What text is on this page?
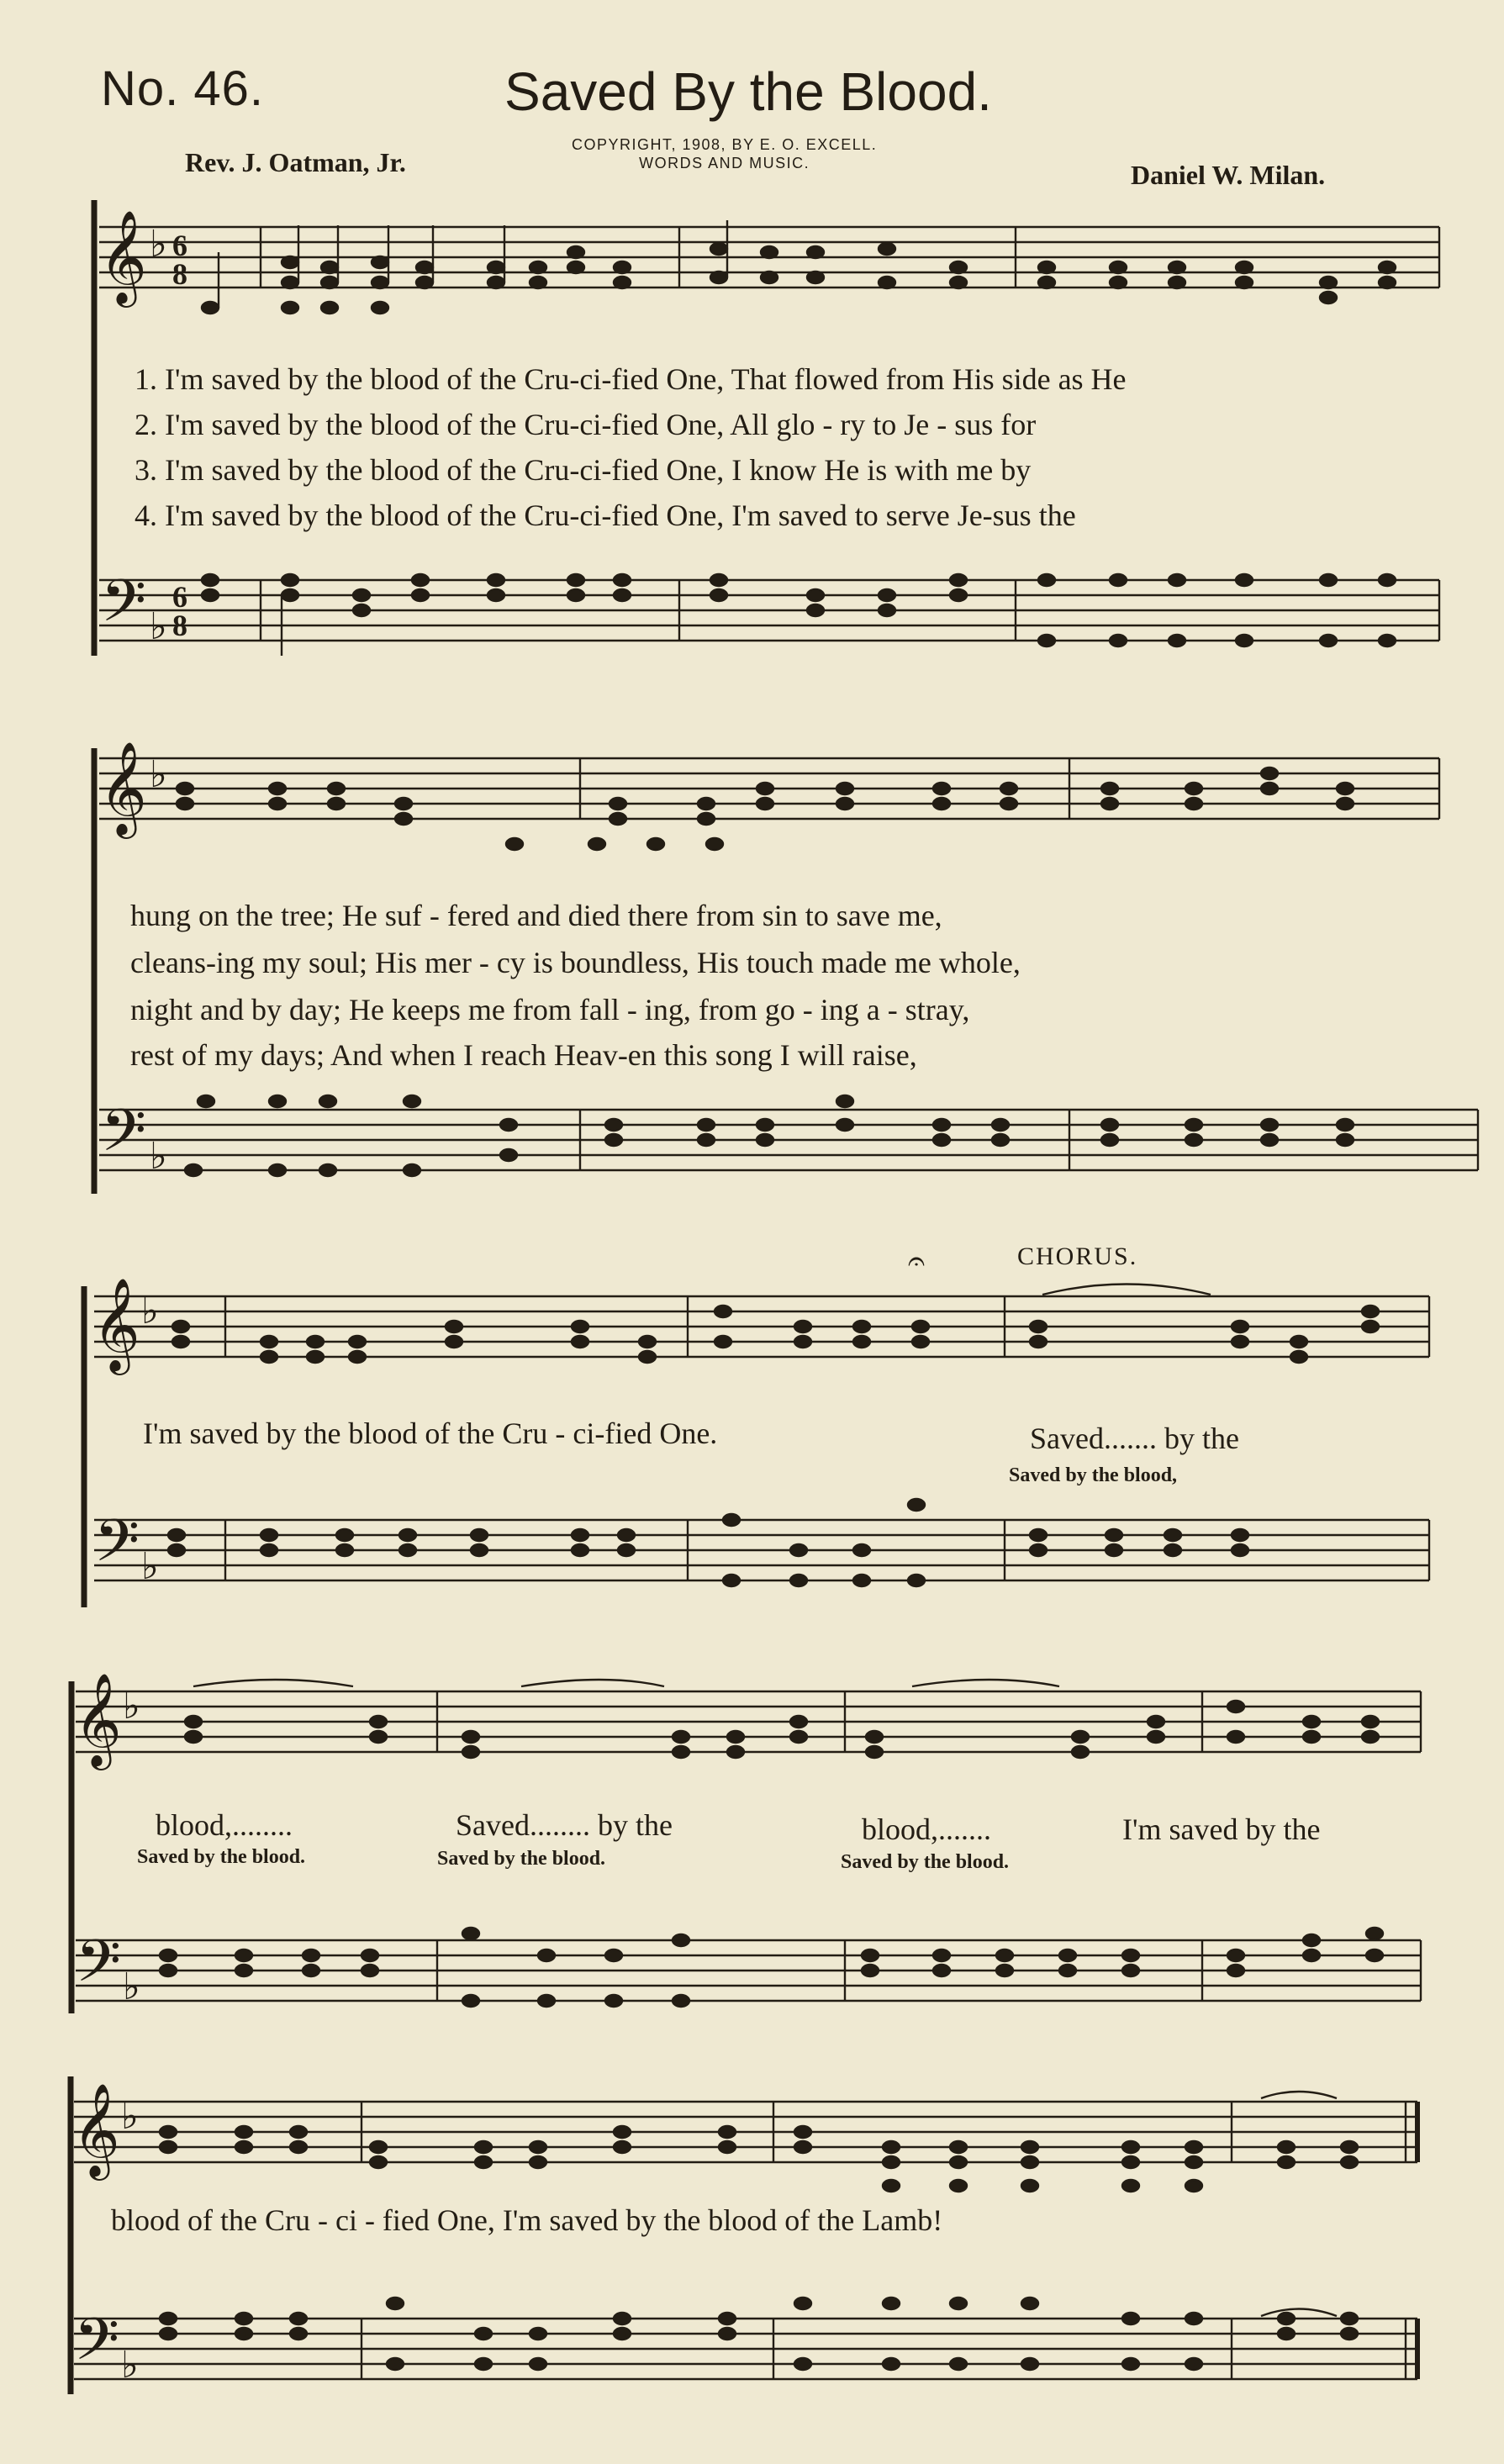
No. 46.	Saved By the Blood.
Rev. J. Oatman, Jr.
COPYRIGHT, 1908, BY E. O. EXCELL.
WORDS AND MUSIC.	Daniel W. Milan.
𝄞 ♭ 6
8
𝄢 ♭
6
8
1. I'm saved by the blood of the Cru-ci-fied One, That flowed from His side as He
2. I'm saved by the blood of the Cru-ci-fied One, All glo - ry to Je - sus for
3. I'm saved by the blood of the Cru-ci-fied One, I know He is with me by
4. I'm saved by the blood of the Cru-ci-fied One, I'm saved to serve Je-sus the
𝄞 ♭
𝄢 ♭
hung on the tree; He suf - fered and died there from sin to save me,
cleans-ing my soul; His mer - cy is boundless, His touch made me whole,
night and by day; He keeps me from fall - ing, from go - ing a - stray,
rest of my days; And when I reach Heav-en this song I will raise,
𝄞 ♭
𝄢 ♭
𝄐
I'm saved by the blood of the Cru - ci-fied One.
CHORUS.
Saved....... by the
Saved by the blood,
𝄞 ♭
𝄢 ♭
blood,........	Saved........ by the	blood,.......	I'm saved by the
Saved by the blood.	Saved by the blood.	Saved by the blood.
𝄞 ♭
𝄢 ♭
blood of the Cru - ci - fied One, I'm saved by the blood of the Lamb!
